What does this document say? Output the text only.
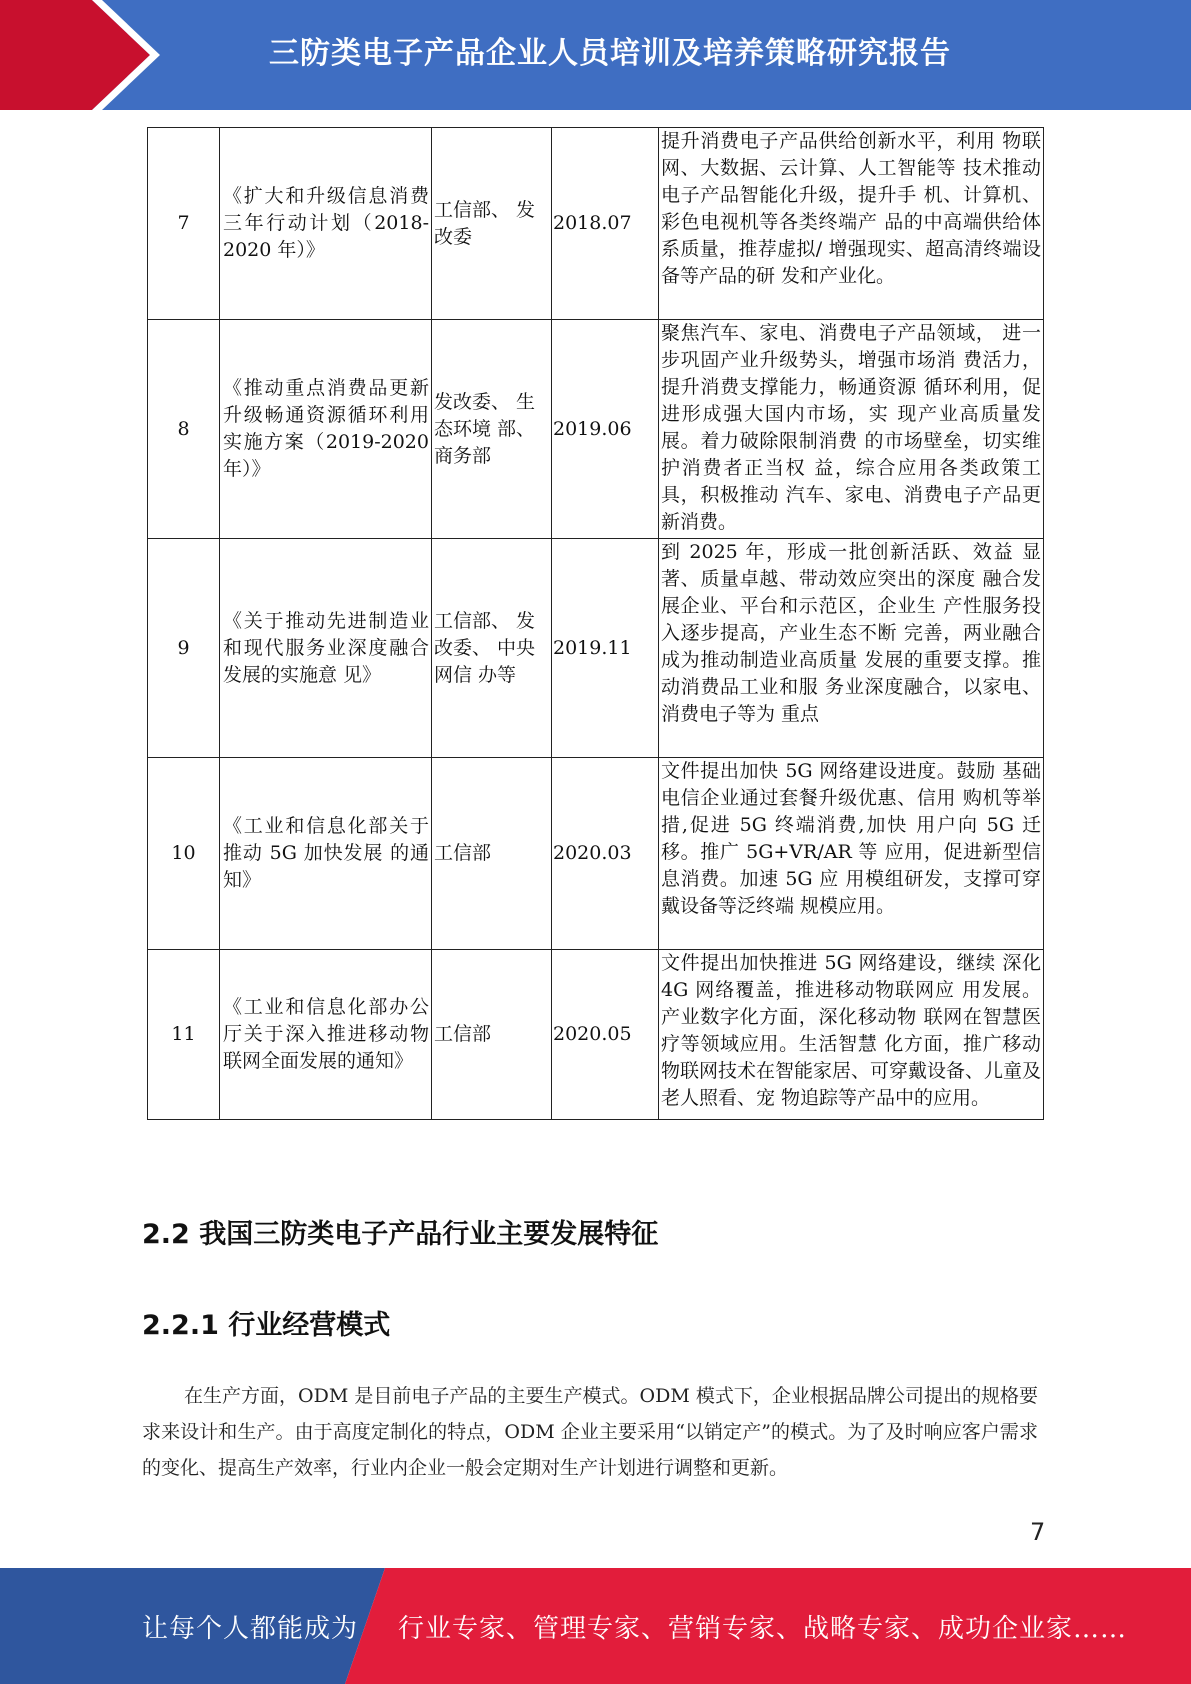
三防类电子产品企业人员培训及培养策略研究报告
7	《扩大和升级信息消费三年行动计划（2018-2020 年）》	工信部、 发改委	2018.07	提升消费电子产品供给创新水平，利用 物联网、大数据、云计算、人工智能等 技术推动电子产品智能化升级，提升手 机、计算机、彩色电视机等各类终端产 品的中高端供给体系质量，推荐虚拟/ 增强现实、超高清终端设备等产品的研 发和产业化。
8	《推动重点消费品更新升级畅通资源循环利用实施方案（2019-2020 年）》	发改委、 生态环境 部、商务部	2019.06	聚焦汽车、家电、消费电子产品领域， 进一步巩固产业升级势头，增强市场消 费活力，提升消费支撑能力，畅通资源 循环利用，促进形成强大国内市场，实 现产业高质量发展。着力破除限制消费 的市场壁垒，切实维护消费者正当权 益，综合应用各类政策工具，积极推动 汽车、家电、消费电子产品更新消费。
9	《关于推动先进制造业和现代服务业深度融合发展的实施意 见》	工信部、 发改委、 中央网信 办等	2019.11	到 2025 年，形成一批创新活跃、效益 显著、质量卓越、带动效应突出的深度 融合发展企业、平台和示范区，企业生 产性服务投入逐步提高，产业生态不断 完善，两业融合成为推动制造业高质量 发展的重要支撑。推动消费品工业和服 务业深度融合，以家电、消费电子等为 重点
10	《工业和信息化部关于推动 5G 加快发展 的通知》	工信部	2020.03	文件提出加快 5G 网络建设进度。鼓励 基础电信企业通过套餐升级优惠、信用 购机等举措,促进 5G 终端消费,加快 用户向 5G 迁移。推广 5G+VR/AR 等 应用，促进新型信息消费。加速 5G 应 用模组研发，支撑可穿戴设备等泛终端 规模应用。
11	《工业和信息化部办公厅关于深入推进移动物联网全面发展的通知》	工信部	2020.05	文件提出加快推进 5G 网络建设，继续 深化 4G 网络覆盖，推进移动物联网应 用发展。产业数字化方面，深化移动物 联网在智慧医疗等领域应用。生活智慧 化方面，推广移动物联网技术在智能家居、可穿戴设备、儿童及老人照看、宠 物追踪等产品中的应用。
2.2 我国三防类电子产品行业主要发展特征
2.2.1 行业经营模式
在生产方面，ODM 是目前电子产品的主要生产模式。ODM 模式下，企业根据品牌公司提出的规格要求来设计和生产。由于高度定制化的特点，ODM 企业主要采用“以销定产”的模式。为了及时响应客户需求的变化、提高生产效率，行业内企业一般会定期对生产计划进行调整和更新。
7
让每个人都能成为 行业专家、管理专家、营销专家、战略专家、成功企业家……
